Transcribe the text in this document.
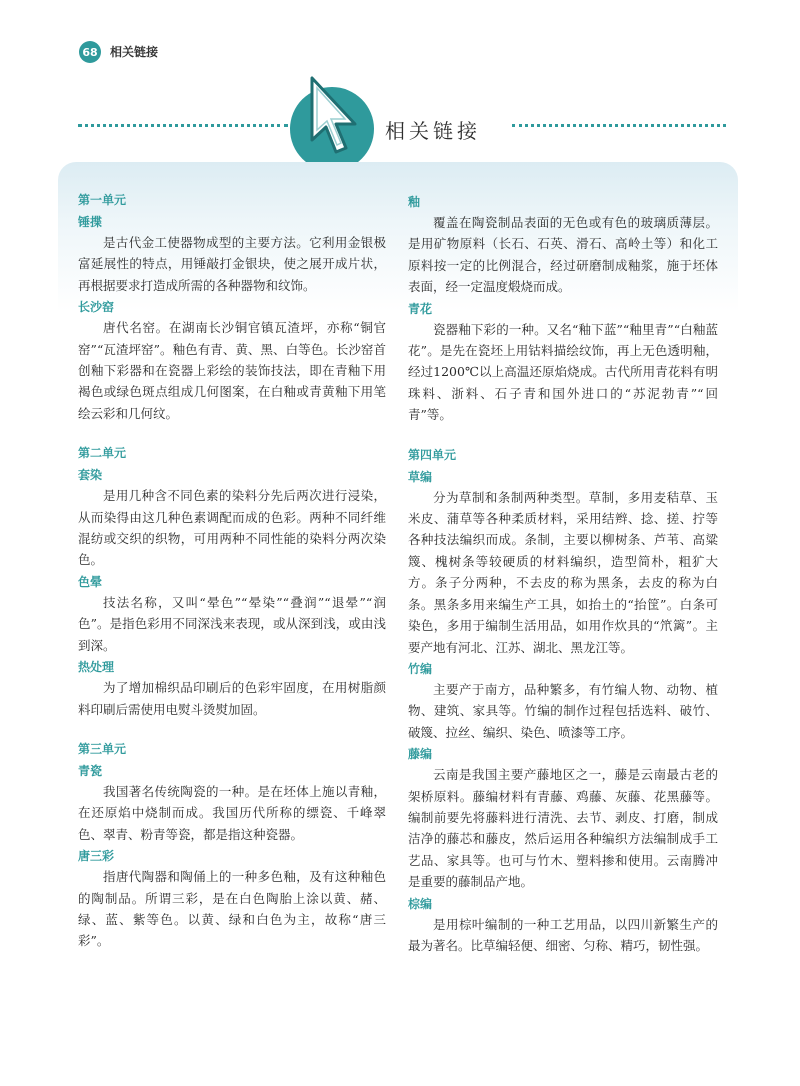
68 相关链接
相关链接
第一单元
锤揲

是古代金工使器物成型的主要方法。它利用金银极富延展性的特点，用锤敲打金银块，使之展开成片状，再根据要求打造成所需的各种器物和纹饰。

长沙窑

唐代名窑。在湖南长沙铜官镇瓦渣坪，亦称“铜官窑”“瓦渣坪窑”。釉色有青、黄、黑、白等色。长沙窑首创釉下彩器和在瓷器上彩绘的装饰技法，即在青釉下用褐色或绿色斑点组成几何图案，在白釉或青黄釉下用笔绘云彩和几何纹。

第二单元
套染

是用几种含不同色素的染料分先后两次进行浸染，从而染得由这几种色素调配而成的色彩。两种不同纤维混纺或交织的织物，可用两种不同性能的染料分两次染色。

色晕

技法名称，又叫“晕色”“晕染”“叠润”“退晕”“润色”。是指色彩用不同深浅来表现，或从深到浅，或由浅到深。

热处理

为了增加棉织品印刷后的色彩牢固度，在用树脂颜料印刷后需使用电熨斗烫熨加固。

第三单元
青瓷

我国著名传统陶瓷的一种。是在坯体上施以青釉，在还原焰中烧制而成。我国历代所称的缥瓷、千峰翠色、翠青、粉青等瓷，都是指这种瓷器。

唐三彩

指唐代陶器和陶俑上的一种多色釉，及有这种釉色的陶制品。所谓三彩，是在白色陶胎上涂以黄、赭、绿、蓝、紫等色。以黄、绿和白色为主，故称“唐三彩”。

釉

覆盖在陶瓷制品表面的无色或有色的玻璃质薄层。是用矿物原料（长石、石英、滑石、高岭土等）和化工原料按一定的比例混合，经过研磨制成釉浆，施于坯体表面，经一定温度煅烧而成。

青花

瓷器釉下彩的一种。又名“釉下蓝”“釉里青”“白釉蓝花”。是先在瓷坯上用钴料描绘纹饰，再上无色透明釉，经过1200℃以上高温还原焰烧成。古代所用青花料有明珠料、浙料、石子青和国外进口的“苏泥勃青”“回青”等。

第四单元
草编

分为草制和条制两种类型。草制，多用麦秸草、玉米皮、蒲草等各种柔质材料，采用结辫、捻、搓、拧等各种技法编织而成。条制，主要以柳树条、芦苇、高粱篾、槐树条等较硬质的材料编织，造型简朴，粗犷大方。条子分两种，不去皮的称为黑条，去皮的称为白条。黑条多用来编生产工具，如抬土的“抬筐”。白条可染色，多用于编制生活用品，如用作炊具的“笊篱”。主要产地有河北、江苏、湖北、黑龙江等。

竹编

主要产于南方，品种繁多，有竹编人物、动物、植物、建筑、家具等。竹编的制作过程包括选料、破竹、破篾、拉丝、编织、染色、喷漆等工序。

藤编

云南是我国主要产藤地区之一，藤是云南最古老的架桥原料。藤编材料有青藤、鸡藤、灰藤、花黑藤等。编制前要先将藤料进行清洗、去节、剥皮、打磨，制成洁净的藤芯和藤皮，然后运用各种编织方法编制成手工艺品、家具等。也可与竹木、塑料掺和使用。云南腾冲是重要的藤制品产地。

棕编

是用棕叶编制的一种工艺用品，以四川新繁生产的最为著名。比草编轻便、细密、匀称、精巧，韧性强。
